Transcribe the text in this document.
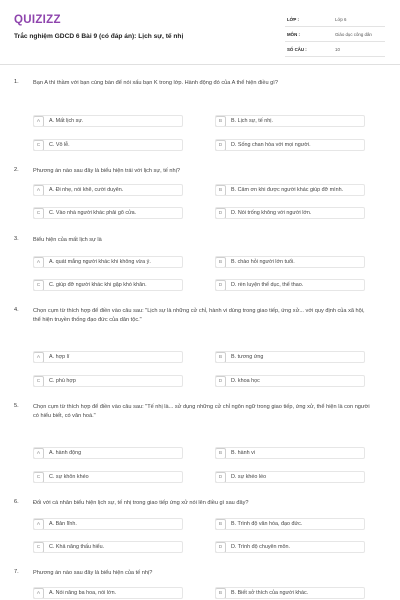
QUIZIZZ
Trắc nghiệm GDCD 6 Bài 9 (có đáp án): Lịch sự, tế nhị
LỚP :	Lớp 6
MÔN :	Giáo dục công dân
SỐ CÂU :	10
1.	Bạn A thì thầm với bạn cùng bàn để nói xấu bạn K trong lớp. Hành động đó của A thể hiện điều gì?
A	A. Mất lịch sự.	B	B. Lịch sự, tế nhị.
C	C. Vô lễ.	D	D. Sống chan hòa với mọi người.
2.	Phương án nào sau đây là biểu hiện trái với lịch sự, tế nhị?
A	A. Đi nhẹ, nói khẽ, cười duyên.	B	B. Cảm ơn khi được người khác giúp đỡ mình.
C	C. Vào nhà người khác phải gõ cửa.	D	D. Nói trống không với người lớn.
3.	Biểu hiện của mất lịch sự là
A	A. quát mắng người khác khi không vừa ý.	B	B. chào hỏi người lớn tuổi.
C	C. giúp đỡ người khác khi gặp khó khăn.	D	D. rèn luyện thể dục, thể thao.
4.	Chọn cụm từ thích hợp để điền vào câu sau: "Lịch sự là những cử chỉ, hành vi dùng trong giao tiếp, ứng xử... với quy định của xã hội, thể hiện truyền thống đạo đức của dân tộc."
A	A. hợp lí	B	B. tương ứng
C	C. phù hợp	D	D. khoa học
5.	Chọn cụm từ thích hợp để điền vào câu sau: "Tế nhị là... sử dụng những cử chỉ ngôn ngữ trong giao tiếp, ứng xử, thể hiện là con người có hiểu biết, có văn hoá."
A	A. hành động	B	B. hành vi
C	C. sự khôn khéo	D	D. sự khéo léo
6.	Đối với cá nhân biểu hiện lịch sự, tế nhị trong giao tiếp ứng xử nói lên điều gì sau đây?
A	A. Bản lĩnh.	B	B. Trình độ văn hóa, đạo đức.
C	C. Khả năng thấu hiểu.	D	D. Trình độ chuyên môn.
7.	Phương án nào sau đây là biểu hiện của tế nhị?
A	A. Nói năng ba hoa, nói lớn.	B	B. Biết sở thích của người khác.
